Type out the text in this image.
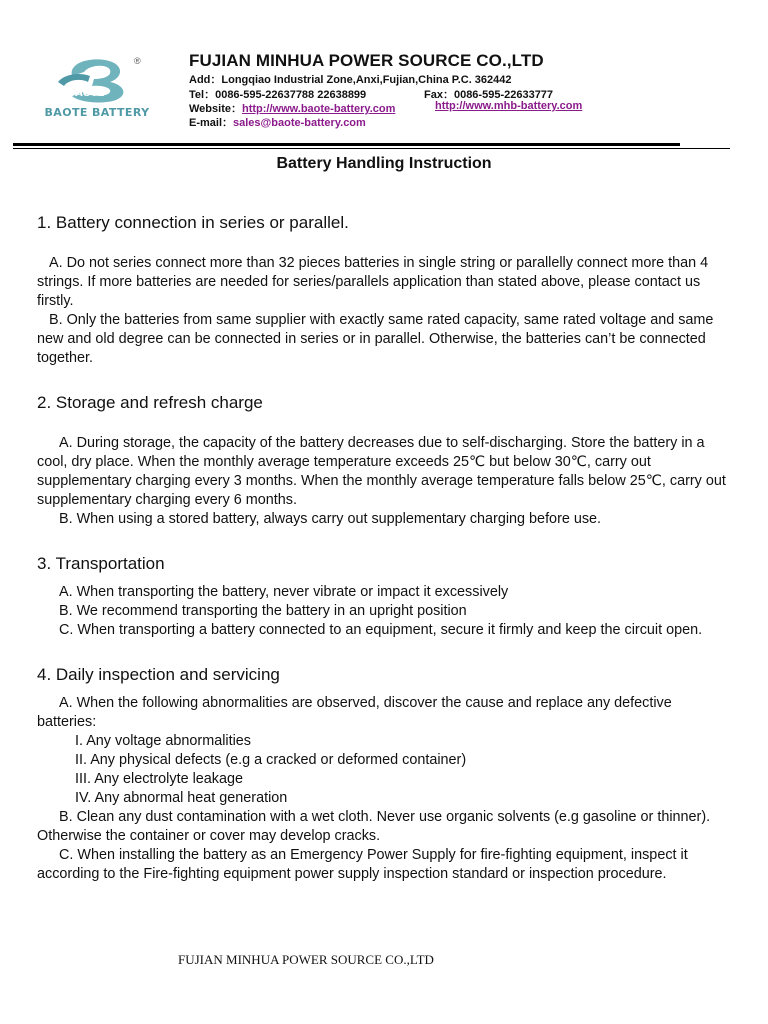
BAOTE
®
BAOTE BATTERY
FUJIAN MINHUA POWER SOURCE CO.,LTD
Add：Longqiao Industrial Zone,Anxi,Fujian,China P.C. 362442
Tel：0086-595-22637788 22638899	Fax：0086-595-22633777
Website：http://www.baote-battery.com	http://www.mhb-battery.com
E-mail：sales@baote-battery.com
Battery Handling Instruction

1. Battery connection in series or parallel.

A. Do not series connect more than 32 pieces batteries in single string or parallelly connect more than 4 strings. If more batteries are needed for series/parallels application than stated above, please contact us firstly.

B. Only the batteries from same supplier with exactly same rated capacity, same rated voltage and same new and old degree can be connected in series or in parallel. Otherwise, the batteries can’t be connected together.

2. Storage and refresh charge

A. During storage, the capacity of the battery decreases due to self-discharging. Store the battery in a cool, dry place. When the monthly average temperature exceeds 25℃ but below 30℃, carry out supplementary charging every 3 months. When the monthly average temperature falls below 25℃, carry out supplementary charging every 6 months.

B. When using a stored battery, always carry out supplementary charging before use.

3. Transportation

A. When transporting the battery, never vibrate or impact it excessively

B. We recommend transporting the battery in an upright position

C. When transporting a battery connected to an equipment, secure it firmly and keep the circuit open.

4. Daily inspection and servicing

A. When the following abnormalities are observed, discover the cause and replace any defective batteries:

I. Any voltage abnormalities

II. Any physical defects (e.g a cracked or deformed container)

III. Any electrolyte leakage

IV. Any abnormal heat generation

B. Clean any dust contamination with a wet cloth. Never use organic solvents (e.g gasoline or thinner). Otherwise the container or cover may develop cracks.

C. When installing the battery as an Emergency Power Supply for fire-fighting equipment, inspect it according to the Fire-fighting equipment power supply inspection standard or inspection procedure.

FUJIAN MINHUA POWER SOURCE CO.,LTD
